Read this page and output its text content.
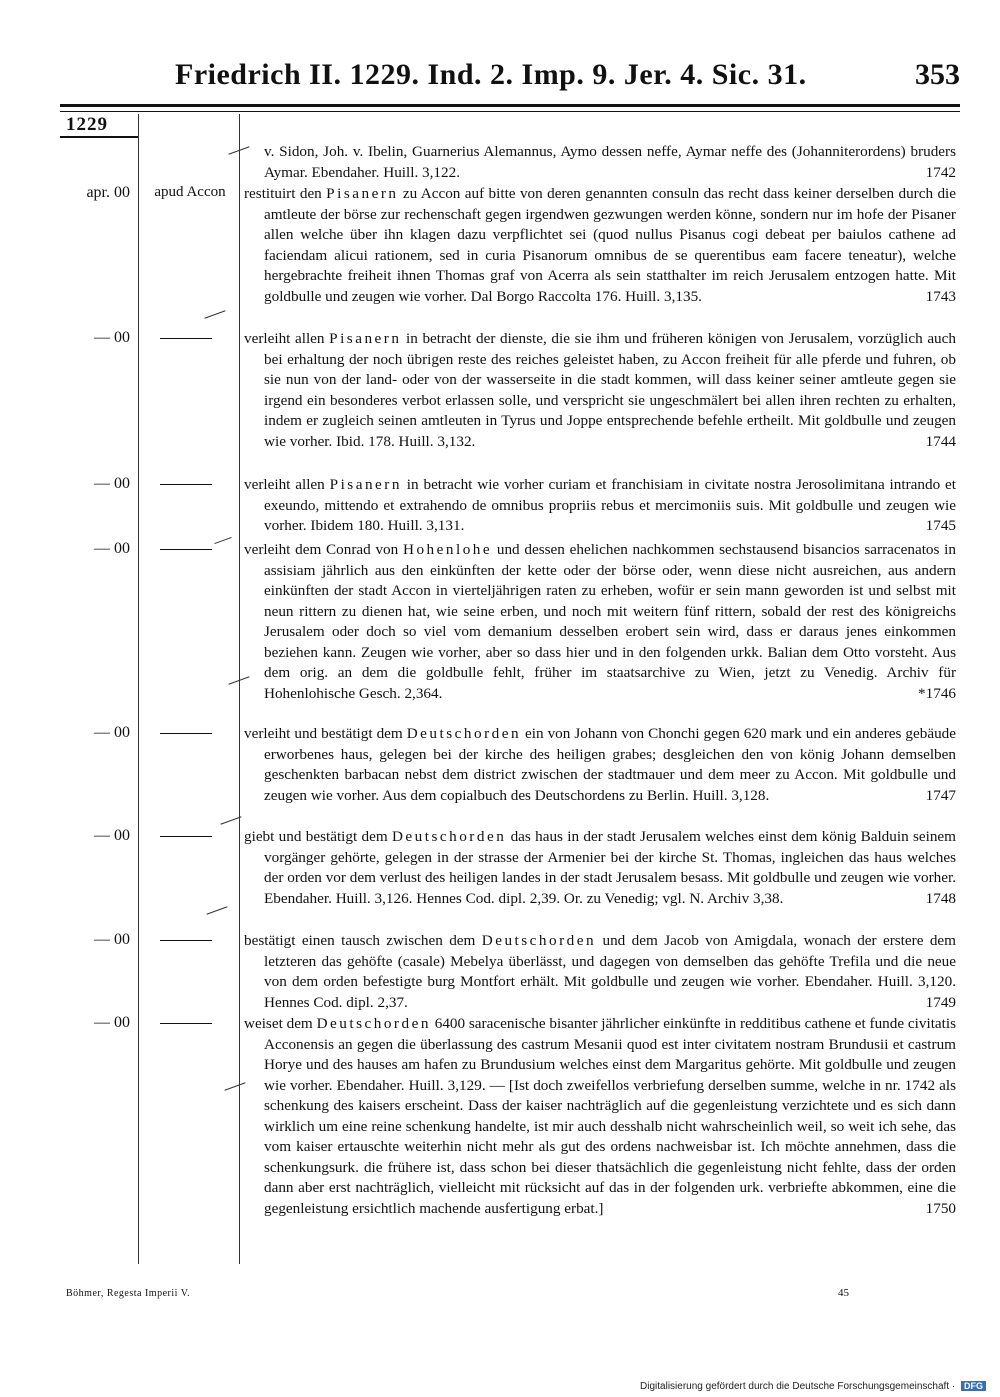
Friedrich II. 1229. Ind. 2. Imp. 9. Jer. 4. Sic. 31.	353
1229
v. Sidon, Joh. v. Ibelin, Guarnerius Alemannus, Aymo dessen neffe, Aymar neffe des (Johanniterordens) bruders Aymar. Ebendaher. Huill. 3,122.	1742
apr. 00	apud Accon	restituirt den Pisanern zu Accon auf bitte von deren genannten consuln das recht dass keiner derselben durch die amtleute der börse zur rechenschaft gegen irgendwen gezwungen werden könne, sondern nur im hofe der Pisaner allen welche über ihn klagen dazu verpflichtet sei (quod nullus Pisanus cogi debeat per baiulos cathene ad faciendam alicui rationem, sed in curia Pisanorum omnibus de se querentibus eam facere teneatur), welche hergebrachte freiheit ihnen Thomas graf von Acerra als sein statthalter im reich Jerusalem entzogen hatte. Mit goldbulle und zeugen wie vorher. Dal Borgo Raccolta 176. Huill. 3,135.	1743
— 00	verleiht allen Pisanern in betracht der dienste, die sie ihm und früheren königen von Jerusalem, vorzüglich auch bei erhaltung der noch übrigen reste des reiches geleistet haben, zu Accon freiheit für alle pferde und fuhren, ob sie nun von der land- oder von der wasserseite in die stadt kommen, will dass keiner seiner amtleute gegen sie irgend ein besonderes verbot erlassen solle, und verspricht sie ungeschmälert bei allen ihren rechten zu erhalten, indem er zugleich seinen amtleuten in Tyrus und Joppe entsprechende befehle ertheilt. Mit goldbulle und zeugen wie vorher. Ibid. 178. Huill. 3,132.	1744
— 00	verleiht allen Pisanern in betracht wie vorher curiam et franchisiam in civitate nostra Jerosolimitana intrando et exeundo, mittendo et extrahendo de omnibus propriis rebus et mercimoniis suis. Mit goldbulle und zeugen wie vorher. Ibidem 180. Huill. 3,131.	1745
— 00	verleiht dem Conrad von Hohenlohe und dessen ehelichen nachkommen sechstausend bisancios sarracenatos in assisiam jährlich aus den einkünften der kette oder der börse oder, wenn diese nicht ausreichen, aus andern einkünften der stadt Accon in vierteljährigen raten zu erheben, wofür er sein mann geworden ist und selbst mit neun rittern zu dienen hat, wie seine erben, und noch mit weitern fünf rittern, sobald der rest des königreichs Jerusalem oder doch so viel vom demanium desselben erobert sein wird, dass er daraus jenes einkommen beziehen kann. Zeugen wie vorher, aber so dass hier und in den folgenden urkk. Balian dem Otto vorsteht. Aus dem orig. an dem die goldbulle fehlt, früher im staatsarchive zu Wien, jetzt zu Venedig. Archiv für Hohenlohische Gesch. 2,364.	*1746
— 00	verleiht und bestätigt dem Deutschorden ein von Johann von Chonchi gegen 620 mark und ein anderes gebäude erworbenes haus, gelegen bei der kirche des heiligen grabes; desgleichen den von könig Johann demselben geschenkten barbacan nebst dem district zwischen der stadtmauer und dem meer zu Accon. Mit goldbulle und zeugen wie vorher. Aus dem copialbuch des Deutschordens zu Berlin. Huill. 3,128.	1747
— 00	giebt und bestätigt dem Deutschorden das haus in der stadt Jerusalem welches einst dem könig Balduin seinem vorgänger gehörte, gelegen in der strasse der Armenier bei der kirche St. Thomas, ingleichen das haus welches der orden vor dem verlust des heiligen landes in der stadt Jerusalem besass. Mit goldbulle und zeugen wie vorher. Ebendaher. Huill. 3,126. Hennes Cod. dipl. 2,39. Or. zu Venedig; vgl. N. Archiv 3,38.	1748
— 00	bestätigt einen tausch zwischen dem Deutschorden und dem Jacob von Amigdala, wonach der erstere dem letzteren das gehöfte (casale) Mebelya überlässt, und dagegen von demselben das gehöfte Trefila und die neue von dem orden befestigte burg Montfort erhält. Mit goldbulle und zeugen wie vorher. Ebendaher. Huill. 3,120. Hennes Cod. dipl. 2,37.	1749
— 00	weiset dem Deutschorden 6400 saracenische bisanter jährlicher einkünfte in redditibus cathene et funde civitatis Acconensis an gegen die überlassung des castrum Mesanii quod est inter civitatem nostram Brundusii et castrum Horye und des hauses am hafen zu Brundusium welches einst dem Margaritus gehörte. Mit goldbulle und zeugen wie vorher. Ebendaher. Huill. 3,129. — [Ist doch zweifellos verbriefung derselben summe, welche in nr. 1742 als schenkung des kaisers erscheint. Dass der kaiser nachträglich auf die gegenleistung verzichtete und es sich dann wirklich um eine reine schenkung handelte, ist mir auch desshalb nicht wahrscheinlich weil, so weit ich sehe, das vom kaiser ertauschte weiterhin nicht mehr als gut des ordens nachweisbar ist. Ich möchte annehmen, dass die schenkungsurk. die frühere ist, dass schon bei dieser thatsächlich die gegenleistung nicht fehlte, dass der orden dann aber erst nachträglich, vielleicht mit rücksicht auf das in der folgenden urk. verbriefte abkommen, eine die gegenleistung ersichtlich machende ausfertigung erbat.]	1750
Böhmer, Regesta Imperii V.	45
Digitalisierung gefördert durch die Deutsche Forschungsgemeinschaft · DFG
